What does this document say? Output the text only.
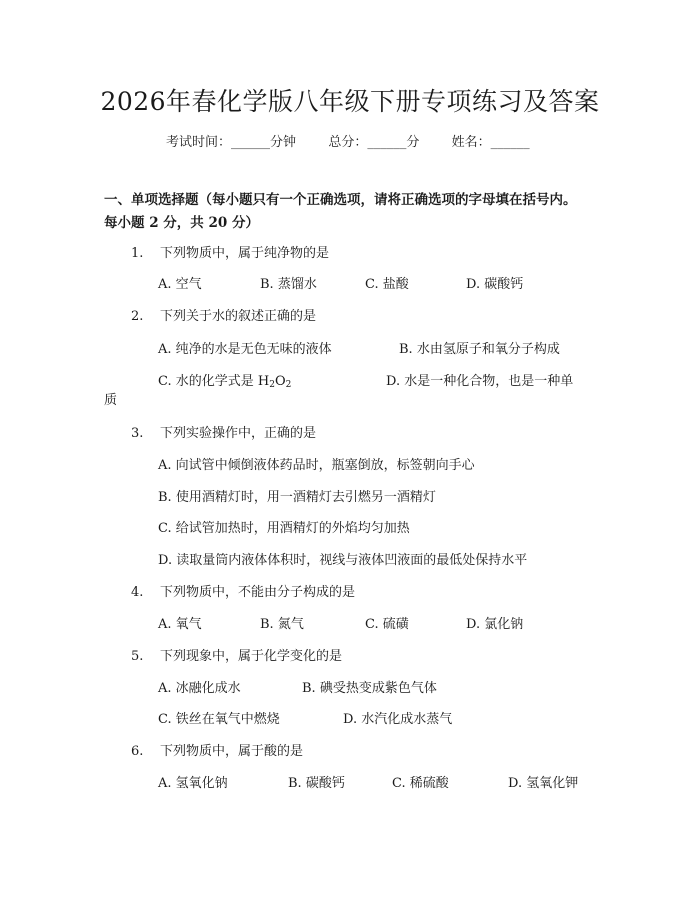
2026年春化学版八年级下册专项练习及答案
考试时间：______分钟 总分：______分 姓名：______
一、单项选择题（每小题只有一个正确选项，请将正确选项的字母填在括号内。
每小题 2 分，共 20 分）
1. 下列物质中，属于纯净物的是
A. 空气	B. 蒸馏水	C. 盐酸	D. 碳酸钙
2. 下列关于水的叙述正确的是
A. 纯净的水是无色无味的液体	B. 水由氢原子和氧分子构成
C. 水的化学式是 $H_2O_2$	D. 水是一种化合物，也是一种单
质
3. 下列实验操作中，正确的是
A. 向试管中倾倒液体药品时，瓶塞倒放，标签朝向手心
B. 使用酒精灯时，用一酒精灯去引燃另一酒精灯
C. 给试管加热时，用酒精灯的外焰均匀加热
D. 读取量筒内液体体积时，视线与液体凹液面的最低处保持水平
4. 下列物质中，不能由分子构成的是
A. 氧气	B. 氮气	C. 硫磺	D. 氯化钠
5. 下列现象中，属于化学变化的是
A. 冰融化成水	B. 碘受热变成紫色气体
C. 铁丝在氧气中燃烧	D. 水汽化成水蒸气
6. 下列物质中，属于酸的是
A. 氢氧化钠	B. 碳酸钙	C. 稀硫酸	D. 氢氧化钾
